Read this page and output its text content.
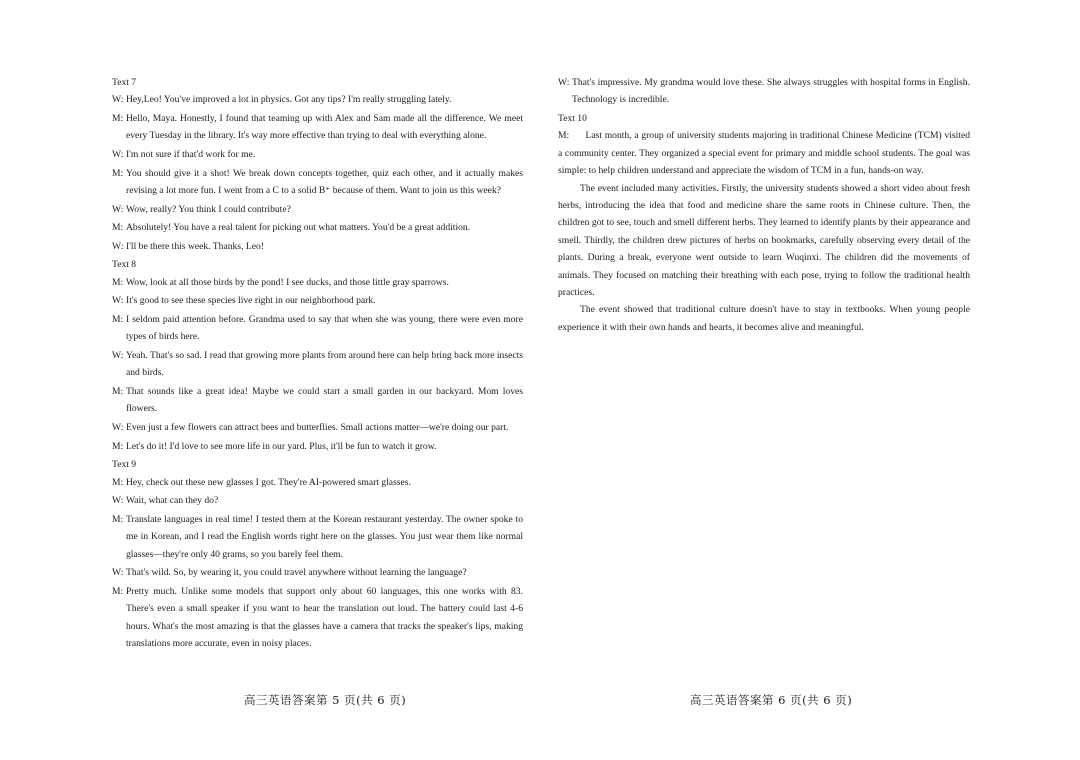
Text 7

W: Hey,Leo! You've improved a lot in physics. Got any tips? I'm really struggling lately.

M: Hello, Maya. Honestly, I found that teaming up with Alex and Sam made all the difference. We meet every Tuesday in the library. It's way more effective than trying to deal with everything alone.

W: I'm not sure if that'd work for me.

M: You should give it a shot! We break down concepts together, quiz each other, and it actually makes revising a lot more fun. I went from a C to a solid B⁺ because of them. Want to join us this week?

W: Wow, really? You think I could contribute?

M: Absolutely! You have a real talent for picking out what matters. You'd be a great addition.

W: I'll be there this week. Thanks, Leo!

Text 8

M: Wow, look at all those birds by the pond! I see ducks, and those little gray sparrows.

W: It's good to see these species live right in our neighborhood park.

M: I seldom paid attention before. Grandma used to say that when she was young, there were even more types of birds here.

W: Yeah. That's so sad. I read that growing more plants from around here can help bring back more insects and birds.

M: That sounds like a great idea! Maybe we could start a small garden in our backyard. Mom loves flowers.

W: Even just a few flowers can attract bees and butterflies. Small actions matter—we're doing our part.

M: Let's do it! I'd love to see more life in our yard. Plus, it'll be fun to watch it grow.

Text 9

M: Hey, check out these new glasses I got. They're AI-powered smart glasses.

W: Wait, what can they do?

M: Translate languages in real time! I tested them at the Korean restaurant yesterday. The owner spoke to me in Korean, and I read the English words right here on the glasses. You just wear them like normal glasses—they're only 40 grams, so you barely feel them.

W: That's wild. So, by wearing it, you could travel anywhere without learning the language?

M: Pretty much. Unlike some models that support only about 60 languages, this one works with 83. There's even a small speaker if you want to hear the translation out loud. The battery could last 4-6 hours. What's the most amazing is that the glasses have a camera that tracks the speaker's lips, making translations more accurate, even in noisy places.

W: That's impressive. My grandma would love these. She always struggles with hospital forms in English. Technology is incredible.

Text 10

M: Last month, a group of university students majoring in traditional Chinese Medicine (TCM) visited a community center. They organized a special event for primary and middle school students. The goal was simple: to help children understand and appreciate the wisdom of TCM in a fun, hands-on way.

The event included many activities. Firstly, the university students showed a short video about fresh herbs, introducing the idea that food and medicine share the same roots in Chinese culture. Then, the children got to see, touch and smell different herbs. They learned to identify plants by their appearance and smell. Thirdly, the children drew pictures of herbs on bookmarks, carefully observing every detail of the plants. During a break, everyone went outside to learn Wuqinxi. The children did the movements of animals. They focused on matching their breathing with each pose, trying to follow the traditional health practices.

The event showed that traditional culture doesn't have to stay in textbooks. When young people experience it with their own hands and hearts, it becomes alive and meaningful.

高三英语答案第 5 页(共 6 页)	高三英语答案第 6 页(共 6 页)
